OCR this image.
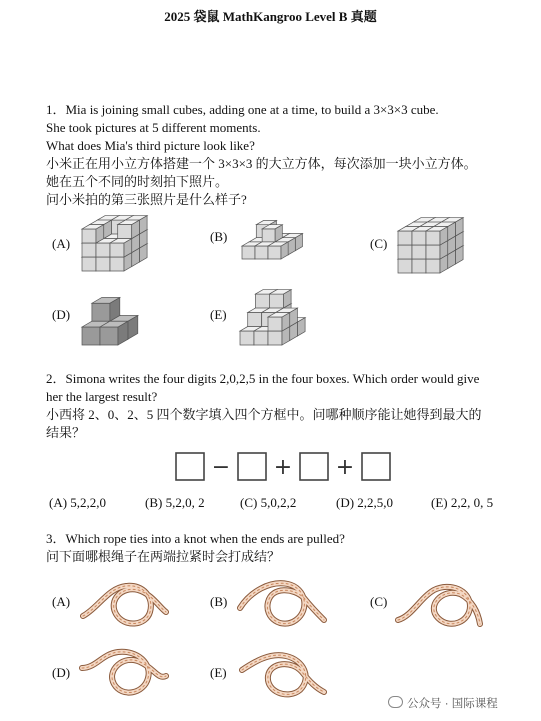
2025 袋鼠 MathKangroo Level B 真题
1．Mia is joining small cubes, adding one at a time, to build a 3×3×3 cube.
She took pictures at 5 different moments.
What does Mia's third picture look like?
小米正在用小立方体搭建一个 3×3×3 的大立方体，每次添加一块小立方体。
她在五个不同的时刻拍下照片。
问小米拍的第三张照片是什么样子?
(A)	(B)	(C)
(D)	(E)
2．Simona writes the four digits 2,0,2,5 in the four boxes. Which order would give
her the largest result?
小西将 2、0、2、5 四个数字填入四个方框中。问哪种顺序能让她得到最大的
结果？
− + +
(A) 5,2,2,0	(B) 5,2,0, 2	(C) 5,0,2,2	(D) 2,2,5,0	(E) 2,2, 0, 5
3．Which rope ties into a knot when the ends are pulled?
问下面哪根绳子在两端拉紧时会打成结？
(A)	(B)	(C)
(D)	(E)
公众号 · 国际课程
